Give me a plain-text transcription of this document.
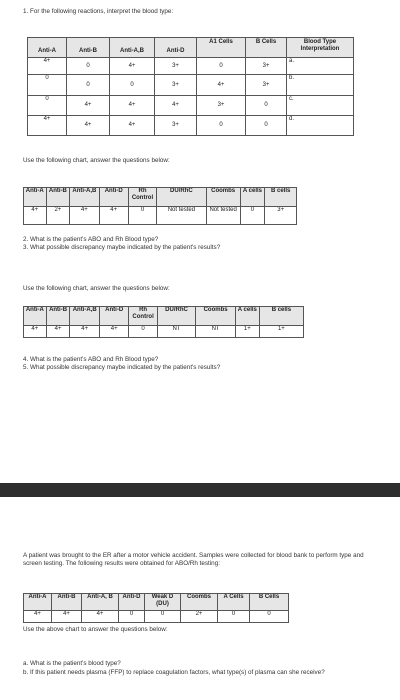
1. For the following reactions, interpret the blood type:
Anti-A	Anti-B	Anti-A,B	Anti-D	A1 Cells	B Cells	Blood Type Interpretation
4+	0	4+	3+	0	3+	a.
0	0	0	3+	4+	3+	b.
0	4+	4+	4+	3+	0	c.
4+	4+	4+	3+	0	0	d.
Use the following chart, answer the questions below:
Anti-A	Anti-B	Anti-A,B	Anti-D	Rh Control	DU/RhC	Coombs	A cells	B cells
4+	2+	4+	4+	0	Not tested	Not tested	0	3+
2. What is the patient's ABO and Rh Blood type?
3. What possible discrepancy maybe indicated by the patient's results?
Use the following chart, answer the questions below:
Anti-A	Anti-B	Anti-A,B	Anti-D	Rh Control	DU/RhC	Coombs	A cells	B cells
4+	4+	4+	4+	0	NT	NT	1+	1+
4. What is the patient's ABO and Rh Blood type?
5. What possible discrepancy maybe indicated by the patient's results?
A patient was brought to the ER after a motor vehicle accident. Samples were collected for blood bank to perform type and screen testing. The following results were obtained for ABO/Rh testing:
Anti-A	Anti-B	Anti-A, B	Anti-D	Weak D (DU)	Coombs	A Cells	B Cells
4+	4+	4+	0	0	2+	0	0
Use the above chart to answer the questions below:
a. What is the patient's blood type?
b. If this patient needs plasma (FFP) to replace coagulation factors, what type(s) of plasma can she receive?
